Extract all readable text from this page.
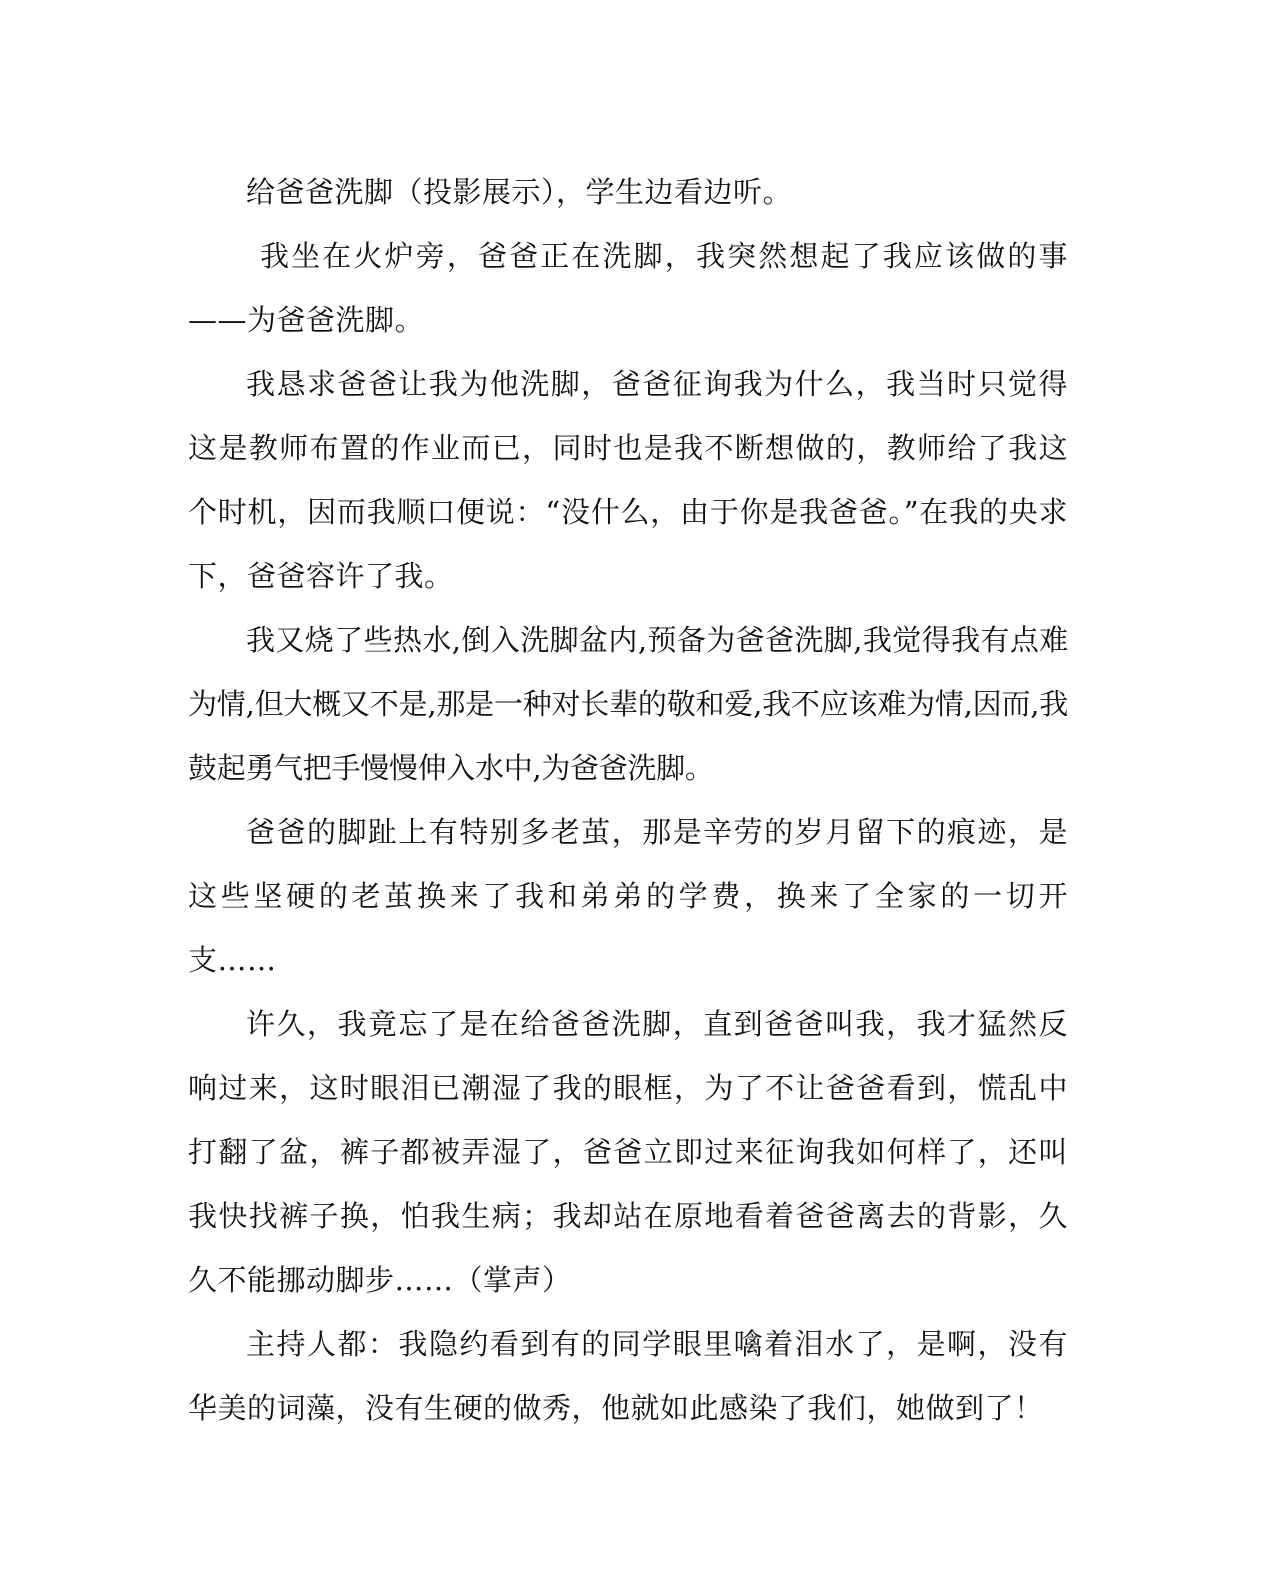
给爸爸洗脚（投影展示），学生边看边听。

我坐在火炉旁，爸爸正在洗脚，我突然想起了我应该做的事——为爸爸洗脚。

我恳求爸爸让我为他洗脚，爸爸征询我为什么，我当时只觉得这是教师布置的作业而已，同时也是我不断想做的，教师给了我这个时机，因而我顺口便说：“没什么，由于你是我爸爸。”在我的央求下，爸爸容许了我。

我又烧了些热水,倒入洗脚盆内,预备为爸爸洗脚,我觉得我有点难为情,但大概又不是,那是一种对长辈的敬和爱,我不应该难为情,因而,我鼓起勇气把手慢慢伸入水中,为爸爸洗脚。

爸爸的脚趾上有特别多老茧，那是辛劳的岁月留下的痕迹，是这些坚硬的老茧换来了我和弟弟的学费，换来了全家的一切开支……

许久，我竟忘了是在给爸爸洗脚，直到爸爸叫我，我才猛然反响过来，这时眼泪已潮湿了我的眼框，为了不让爸爸看到，慌乱中打翻了盆，裤子都被弄湿了，爸爸立即过来征询我如何样了，还叫我快找裤子换，怕我生病；我却站在原地看着爸爸离去的背影，久久不能挪动脚步……（掌声）

主持人都：我隐约看到有的同学眼里噙着泪水了，是啊，没有华美的词藻，没有生硬的做秀，他就如此感染了我们，她做到了！
